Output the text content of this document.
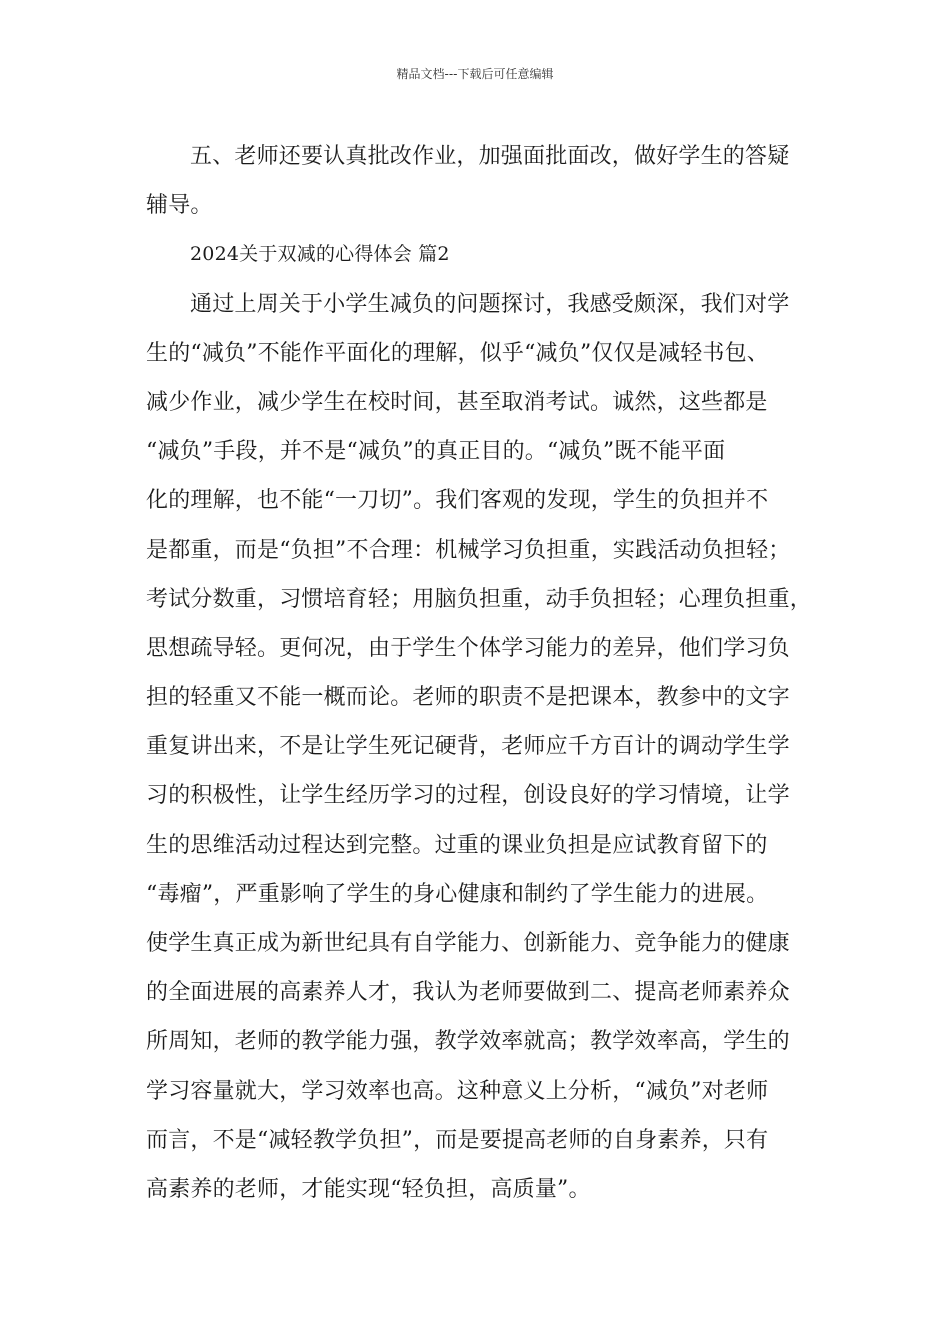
精品文档---下载后可任意编辑
五、老师还要认真批改作业，加强面批面改，做好学生的答疑
辅导。
2024关于双减的心得体会 篇2
通过上周关于小学生减负的问题探讨，我感受颇深，我们对学
生的“减负”不能作平面化的理解，似乎“减负”仅仅是减轻书包、
减少作业，减少学生在校时间，甚至取消考试。诚然，这些都是
“减负”手段，并不是“减负”的真正目的。“减负”既不能平面
化的理解，也不能“一刀切”。我们客观的发现，学生的负担并不
是都重，而是“负担”不合理：机械学习负担重，实践活动负担轻；
考试分数重，习惯培育轻；用脑负担重，动手负担轻；心理负担重，
思想疏导轻。更何况，由于学生个体学习能力的差异，他们学习负
担的轻重又不能一概而论。老师的职责不是把课本，教参中的文字
重复讲出来，不是让学生死记硬背，老师应千方百计的调动学生学
习的积极性，让学生经历学习的过程，创设良好的学习情境，让学
生的思维活动过程达到完整。过重的课业负担是应试教育留下的
“毒瘤”，严重影响了学生的身心健康和制约了学生能力的进展。
使学生真正成为新世纪具有自学能力、创新能力、竞争能力的健康
的全面进展的高素养人才，我认为老师要做到二、提高老师素养众
所周知，老师的教学能力强，教学效率就高；教学效率高，学生的
学习容量就大，学习效率也高。这种意义上分析，“减负”对老师
而言，不是“减轻教学负担”，而是要提高老师的自身素养，只有
高素养的老师，才能实现“轻负担，高质量”。
